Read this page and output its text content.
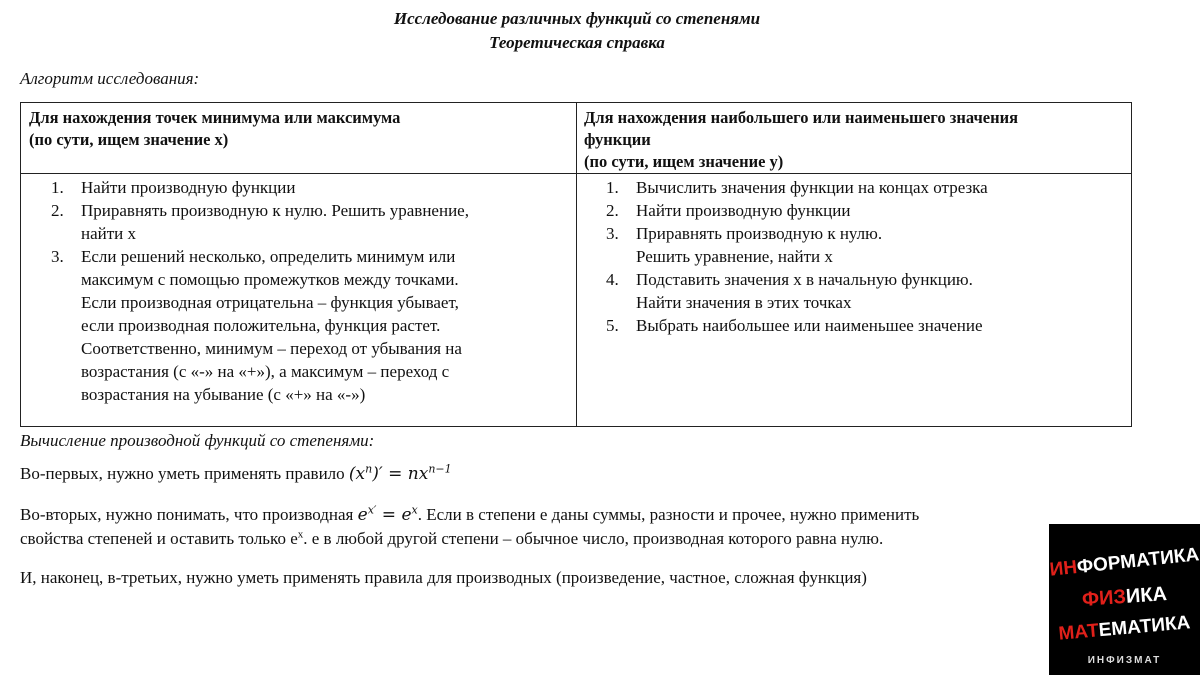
Исследование различных функций со степенями
Теоретическая справка
Алгоритм исследования:
Для нахождения точек минимума или максимума
(по сути, ищем значение х)
Для нахождения наибольшего или наименьшего значения
функции
(по сути, ищем значение у)
1. Найти производную функции
2. Приравнять производную к нулю. Решить уравнение,
найти х
3. Если решений несколько, определить минимум или
максимум с помощью промежутков между точками.
Если производная отрицательна – функция убывает,
если производная положительна, функция растет.
Соответственно, минимум – переход от убывания на
возрастания (с «-» на «+»), а максимум – переход с
возрастания на убывание (с «+» на «-»)
1. Вычислить значения функции на концах отрезка
2. Найти производную функции
3. Приравнять производную к нулю.
Решить уравнение, найти х
4. Подставить значения х в начальную функцию.
Найти значения в этих точках
5. Выбрать наибольшее или наименьшее значение
Вычисление производной функций со степенями:
Во-первых, нужно уметь применять правило $(x^n)' = nx^{n-1}$
Во-вторых, нужно понимать, что производная $e^{x'} = e^x$. Если в степени е даны суммы, разности и прочее, нужно применить
свойства степеней и оставить только $е^х$. е в любой другой степени – обычное число, производная которого равна нулю.
И, наконец, в-третьих, нужно уметь применять правила для производных (произведение, частное, сложная функция)	ИНФОРМАТИКА
ФИЗИКА
МАТЕМАТИКА
ИНФИЗМАТ
